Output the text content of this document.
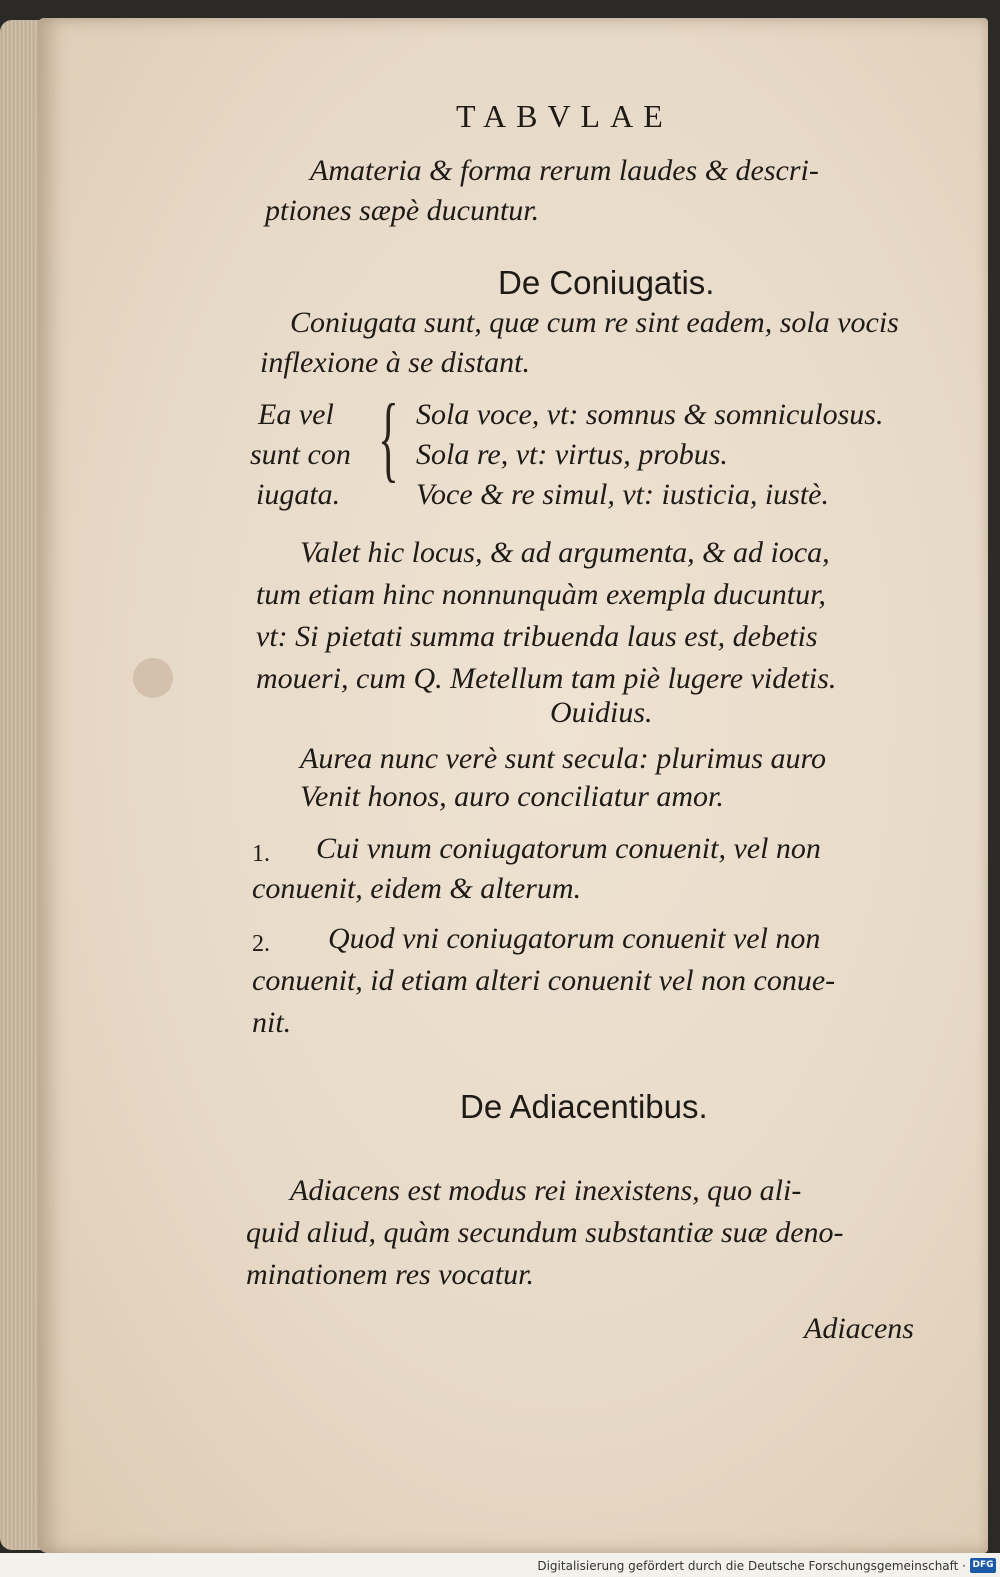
TABVLAE
Amateria & forma rerum laudes & descri-
ptiones sæpè ducuntur.
De Coniugatis.
Coniugata sunt, quæ cum re sint eadem, sola vocis
inflexione à se distant.
Ea vel
sunt con
iugata.
{ Sola voce, vt: somnus & somniculosus.
Sola re, vt: virtus, probus.
Voce & re simul, vt: iusticia, iustè.
Valet hic locus, & ad argumenta, & ad ioca,
tum etiam hinc nonnunquàm exempla ducuntur,
vt: Si pietati summa tribuenda laus est, debetis
moueri, cum Q. Metellum tam piè lugere videtis.
Ouidius.
Aurea nunc verè sunt secula: plurimus auro
Venit honos, auro conciliatur amor.
1. Cui vnum coniugatorum conuenit, vel non
conuenit, eidem & alterum.
2. Quod vni coniugatorum conuenit vel non
conuenit, id etiam alteri conuenit vel non conue-
nit.
De Adiacentibus.
Adiacens est modus rei inexistens, quo ali-
quid aliud, quàm secundum substantiæ suæ deno-
minationem res vocatur.
Adiacens
Digitalisierung gefördert durch die Deutsche Forschungsgemeinschaft · DFG
